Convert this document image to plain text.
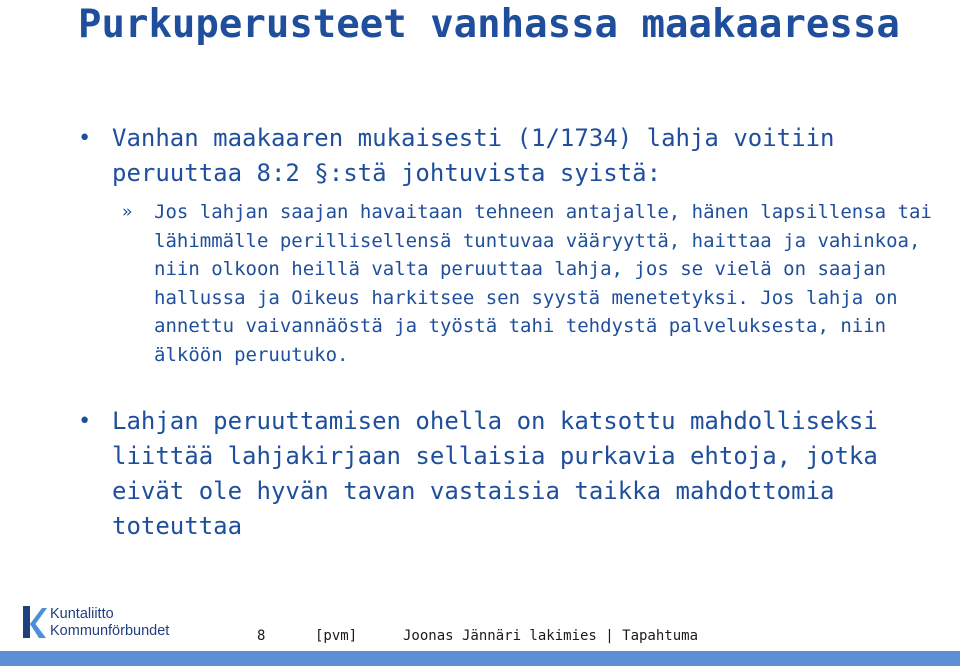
Purkuperusteet vanhassa maakaaressa
• Vanhan maakaaren mukaisesti (1/1734) lahja voitiin peruuttaa 8:2 §:stä johtuvista syistä:
» Jos lahjan saajan havaitaan tehneen antajalle, hänen lapsillensa tai lähimmälle perillisellensä tuntuvaa vääryyttä, haittaa ja vahinkoa, niin olkoon heillä valta peruuttaa lahja, jos se vielä on saajan hallussa ja Oikeus harkitsee sen syystä menetetyksi. Jos lahja on annettu vaivannäöstä ja työstä tahi tehdystä palveluksesta, niin älköön peruutuko.
• Lahjan peruuttamisen ohella on katsottu mahdolliseksi liittää lahjakirjaan sellaisia purkavia ehtoja, jotka eivät ole hyvän tavan vastaisia taikka mahdottomia toteuttaa
Kuntaliitto
Kommunförbundet	8	[pvm]	Joonas Jännäri lakimies | Tapahtuma
